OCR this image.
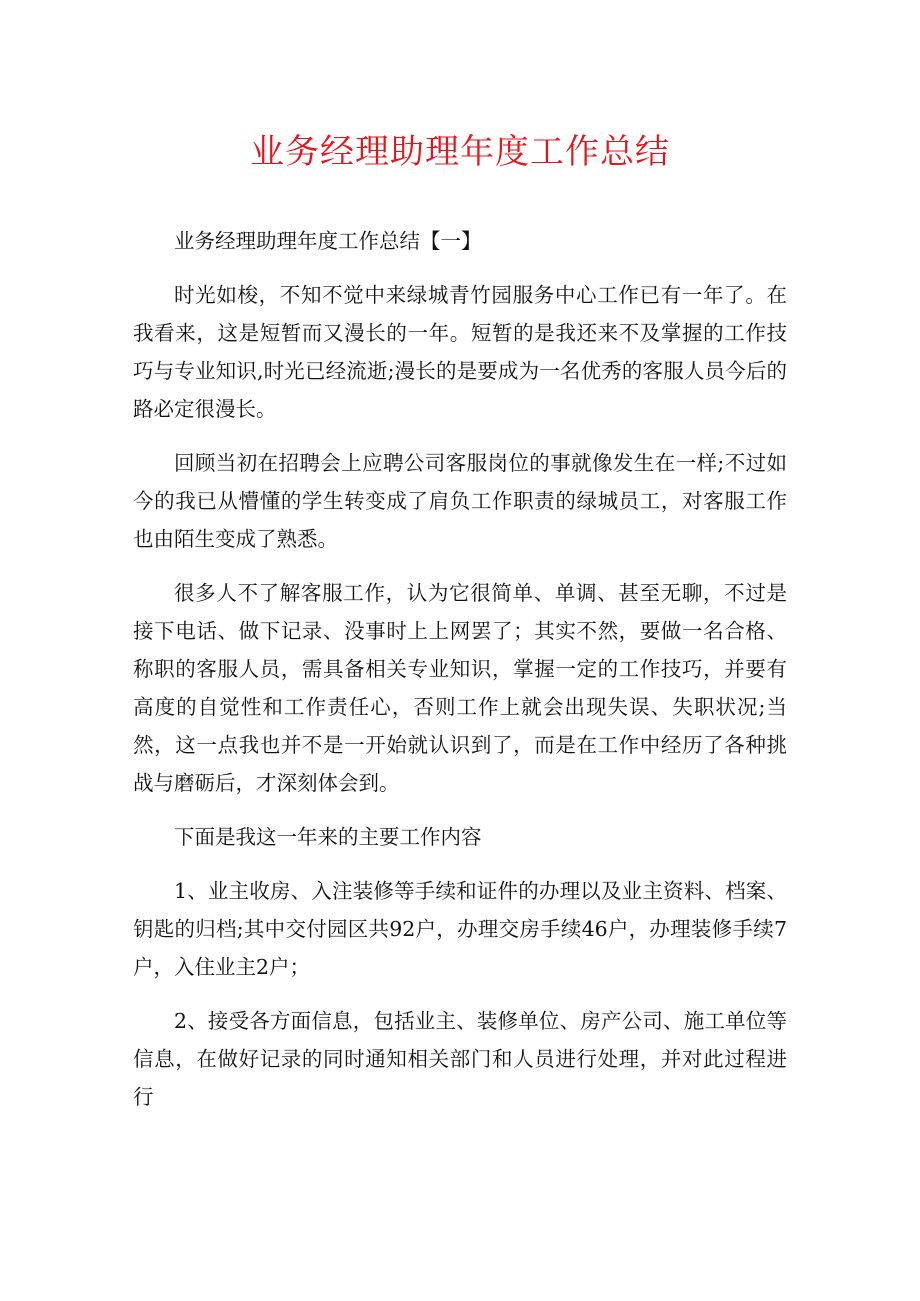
业务经理助理年度工作总结

业务经理助理年度工作总结【一】

时光如梭，不知不觉中来绿城青竹园服务中心工作已有一年了。在我看来，这是短暂而又漫长的一年。短暂的是我还来不及掌握的工作技巧与专业知识,时光已经流逝;漫长的是要成为一名优秀的客服人员今后的路必定很漫长。

回顾当初在招聘会上应聘公司客服岗位的事就像发生在一样;不过如今的我已从懵懂的学生转变成了肩负工作职责的绿城员工，对客服工作也由陌生变成了熟悉。

很多人不了解客服工作，认为它很简单、单调、甚至无聊，不过是接下电话、做下记录、没事时上上网罢了；其实不然，要做一名合格、称职的客服人员，需具备相关专业知识，掌握一定的工作技巧，并要有高度的自觉性和工作责任心，否则工作上就会出现失误、失职状况;当然，这一点我也并不是一开始就认识到了，而是在工作中经历了各种挑战与磨砺后，才深刻体会到。

下面是我这一年来的主要工作内容

1、业主收房、入注装修等手续和证件的办理以及业主资料、档案、钥匙的归档;其中交付园区共92户，办理交房手续46户，办理装修手续7户，入住业主2户；

2、接受各方面信息，包括业主、装修单位、房产公司、施工单位等信息，在做好记录的同时通知相关部门和人员进行处理，并对此过程进行
